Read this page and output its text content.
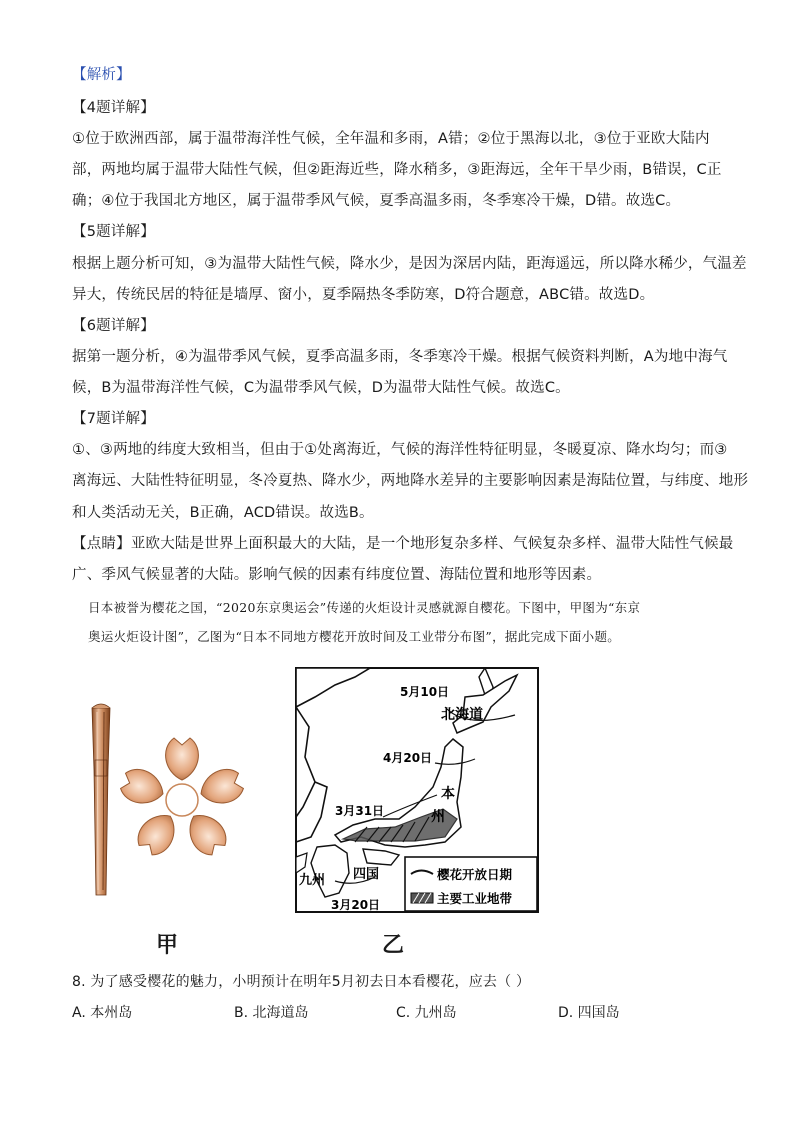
【解析】
【4题详解】
①位于欧洲西部，属于温带海洋性气候，全年温和多雨，A错；②位于黑海以北，③位于亚欧大陆内
部，两地均属于温带大陆性气候，但②距海近些，降水稍多，③距海远，全年干旱少雨，B错误，C正
确；④位于我国北方地区，属于温带季风气候，夏季高温多雨，冬季寒冷干燥，D错。故选C。
【5题详解】
根据上题分析可知，③为温带大陆性气候，降水少，是因为深居内陆，距海遥远，所以降水稀少，气温差
异大，传统民居的特征是墙厚、窗小，夏季隔热冬季防寒，D符合题意，ABC错。故选D。
【6题详解】
据第一题分析，④为温带季风气候，夏季高温多雨，冬季寒冷干燥。根据气候资料判断，A为地中海气
候，B为温带海洋性气候，C为温带季风气候，D为温带大陆性气候。故选C。
【7题详解】
①、③两地的纬度大致相当，但由于①处离海近，气候的海洋性特征明显，冬暖夏凉、降水均匀；而③
离海远、大陆性特征明显，冬冷夏热、降水少，两地降水差异的主要影响因素是海陆位置，与纬度、地形
和人类活动无关，B正确，ACD错误。故选B。
【点睛】亚欧大陆是世界上面积最大的大陆，是一个地形复杂多样、气候复杂多样、温带大陆性气候最
广、季风气候显著的大陆。影响气候的因素有纬度位置、海陆位置和地形等因素。
日本被誉为樱花之国，“2020东京奥运会”传递的火炬设计灵感就源自樱花。下图中，甲图为“东京
奥运火炬设计图”，乙图为“日本不同地方樱花开放时间及工业带分布图”，据此完成下面小题。
5月10日
4月20日
3月31日
3月20日
北海道
本
州
九州 四国	樱花开放日期
主要工业地带
甲	乙
8. 为了感受樱花的魅力，小明预计在明年5月初去日本看樱花，应去（ ）
A. 本州岛	B. 北海道岛	C. 九州岛	D. 四国岛
